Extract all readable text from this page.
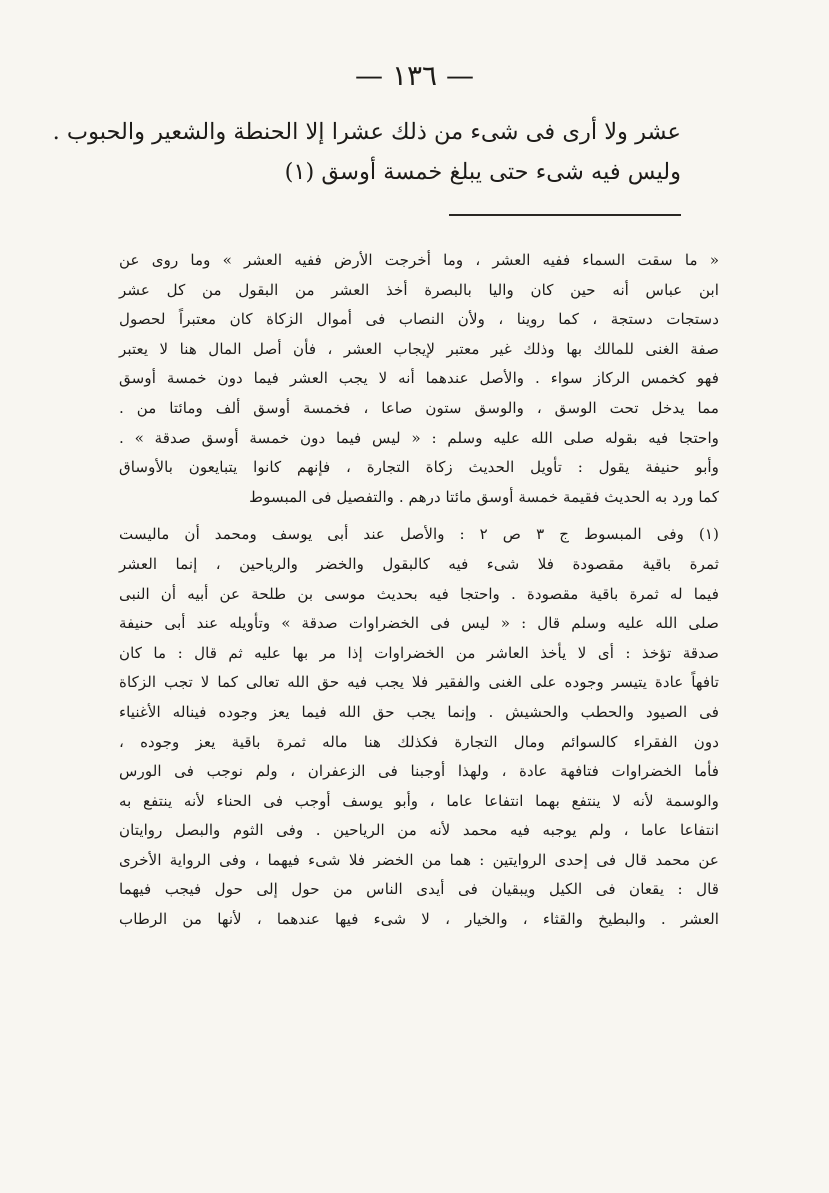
— ١٣٦ —
عشر ولا أرى فى شىء من ذلك عشرا إلا الحنطة والشعير والحبوب .
وليس فيه شىء حتى يبلغ خمسة أوسق (١)
« ما سقت السماء ففيه العشر ، وما أخرجت الأرض ففيه العشر » وما روى عن
ابن عباس أنه حين كان واليا بالبصرة أخذ العشر من البقول من كل عشر
دستجات دستجة ، كما روينا ، ولأن النصاب فى أموال الزكاة كان معتبراً لحصول
صفة الغنى للمالك بها وذلك غير معتبر لإيجاب العشر ، فأن أصل المال هنا لا يعتبر
فهو كخمس الركاز سواء . والأصل عندهما أنه لا يجب العشر فيما دون خمسة أوسق
مما يدخل تحت الوسق ، والوسق ستون صاعا ، فخمسة أوسق ألف ومائتا من .
واحتجا فيه بقوله صلى الله عليه وسلم : « ليس فيما دون خمسة أوسق صدقة » .
وأبو حنيفة يقول : تأويل الحديث زكاة التجارة ، فإنهم كانوا يتبايعون بالأوساق
كما ورد به الحديث فقيمة خمسة أوسق مائتا درهم . والتفصيل فى المبسوط
(١) وفى المبسوط ج ٣ ص ٢ : والأصل عند أبى يوسف ومحمد أن ماليست
ثمرة باقية مقصودة فلا شىء فيه كالبقول والخضر والرياحين ، إنما العشر
فيما له ثمرة باقية مقصودة . واحتجا فيه بحديث موسى بن طلحة عن أبيه أن النبى
صلى الله عليه وسلم قال : « ليس فى الخضراوات صدقة » وتأويله عند أبى حنيفة
صدقة تؤخذ : أى لا يأخذ العاشر من الخضراوات إذا مر بها عليه ثم قال : ما كان
تافهاً عادة يتيسر وجوده على الغنى والفقير فلا يجب فيه حق الله تعالى كما لا تجب الزكاة
فى الصيود والحطب والحشيش . وإنما يجب حق الله فيما يعز وجوده فيناله الأغنياء
دون الفقراء كالسوائم ومال التجارة فكذلك هنا ماله ثمرة باقية يعز وجوده ،
فأما الخضراوات فتافهة عادة ، ولهذا أوجبنا فى الزعفران ، ولم نوجب فى الورس
والوسمة لأنه لا ينتفع بهما انتفاعا عاما ، وأبو يوسف أوجب فى الحناء لأنه ينتفع به
انتفاعا عاما ، ولم يوجبه فيه محمد لأنه من الرياحين . وفى الثوم والبصل روايتان
عن محمد قال فى إحدى الروايتين : هما من الخضر فلا شىء فيهما ، وفى الرواية الأخرى
قال : يقعان فى الكيل ويبقيان فى أيدى الناس من حول إلى حول فيجب فيهما
العشر . والبطيخ والقثاء ، والخيار ، لا شىء فيها عندهما ، لأنها من الرطاب
